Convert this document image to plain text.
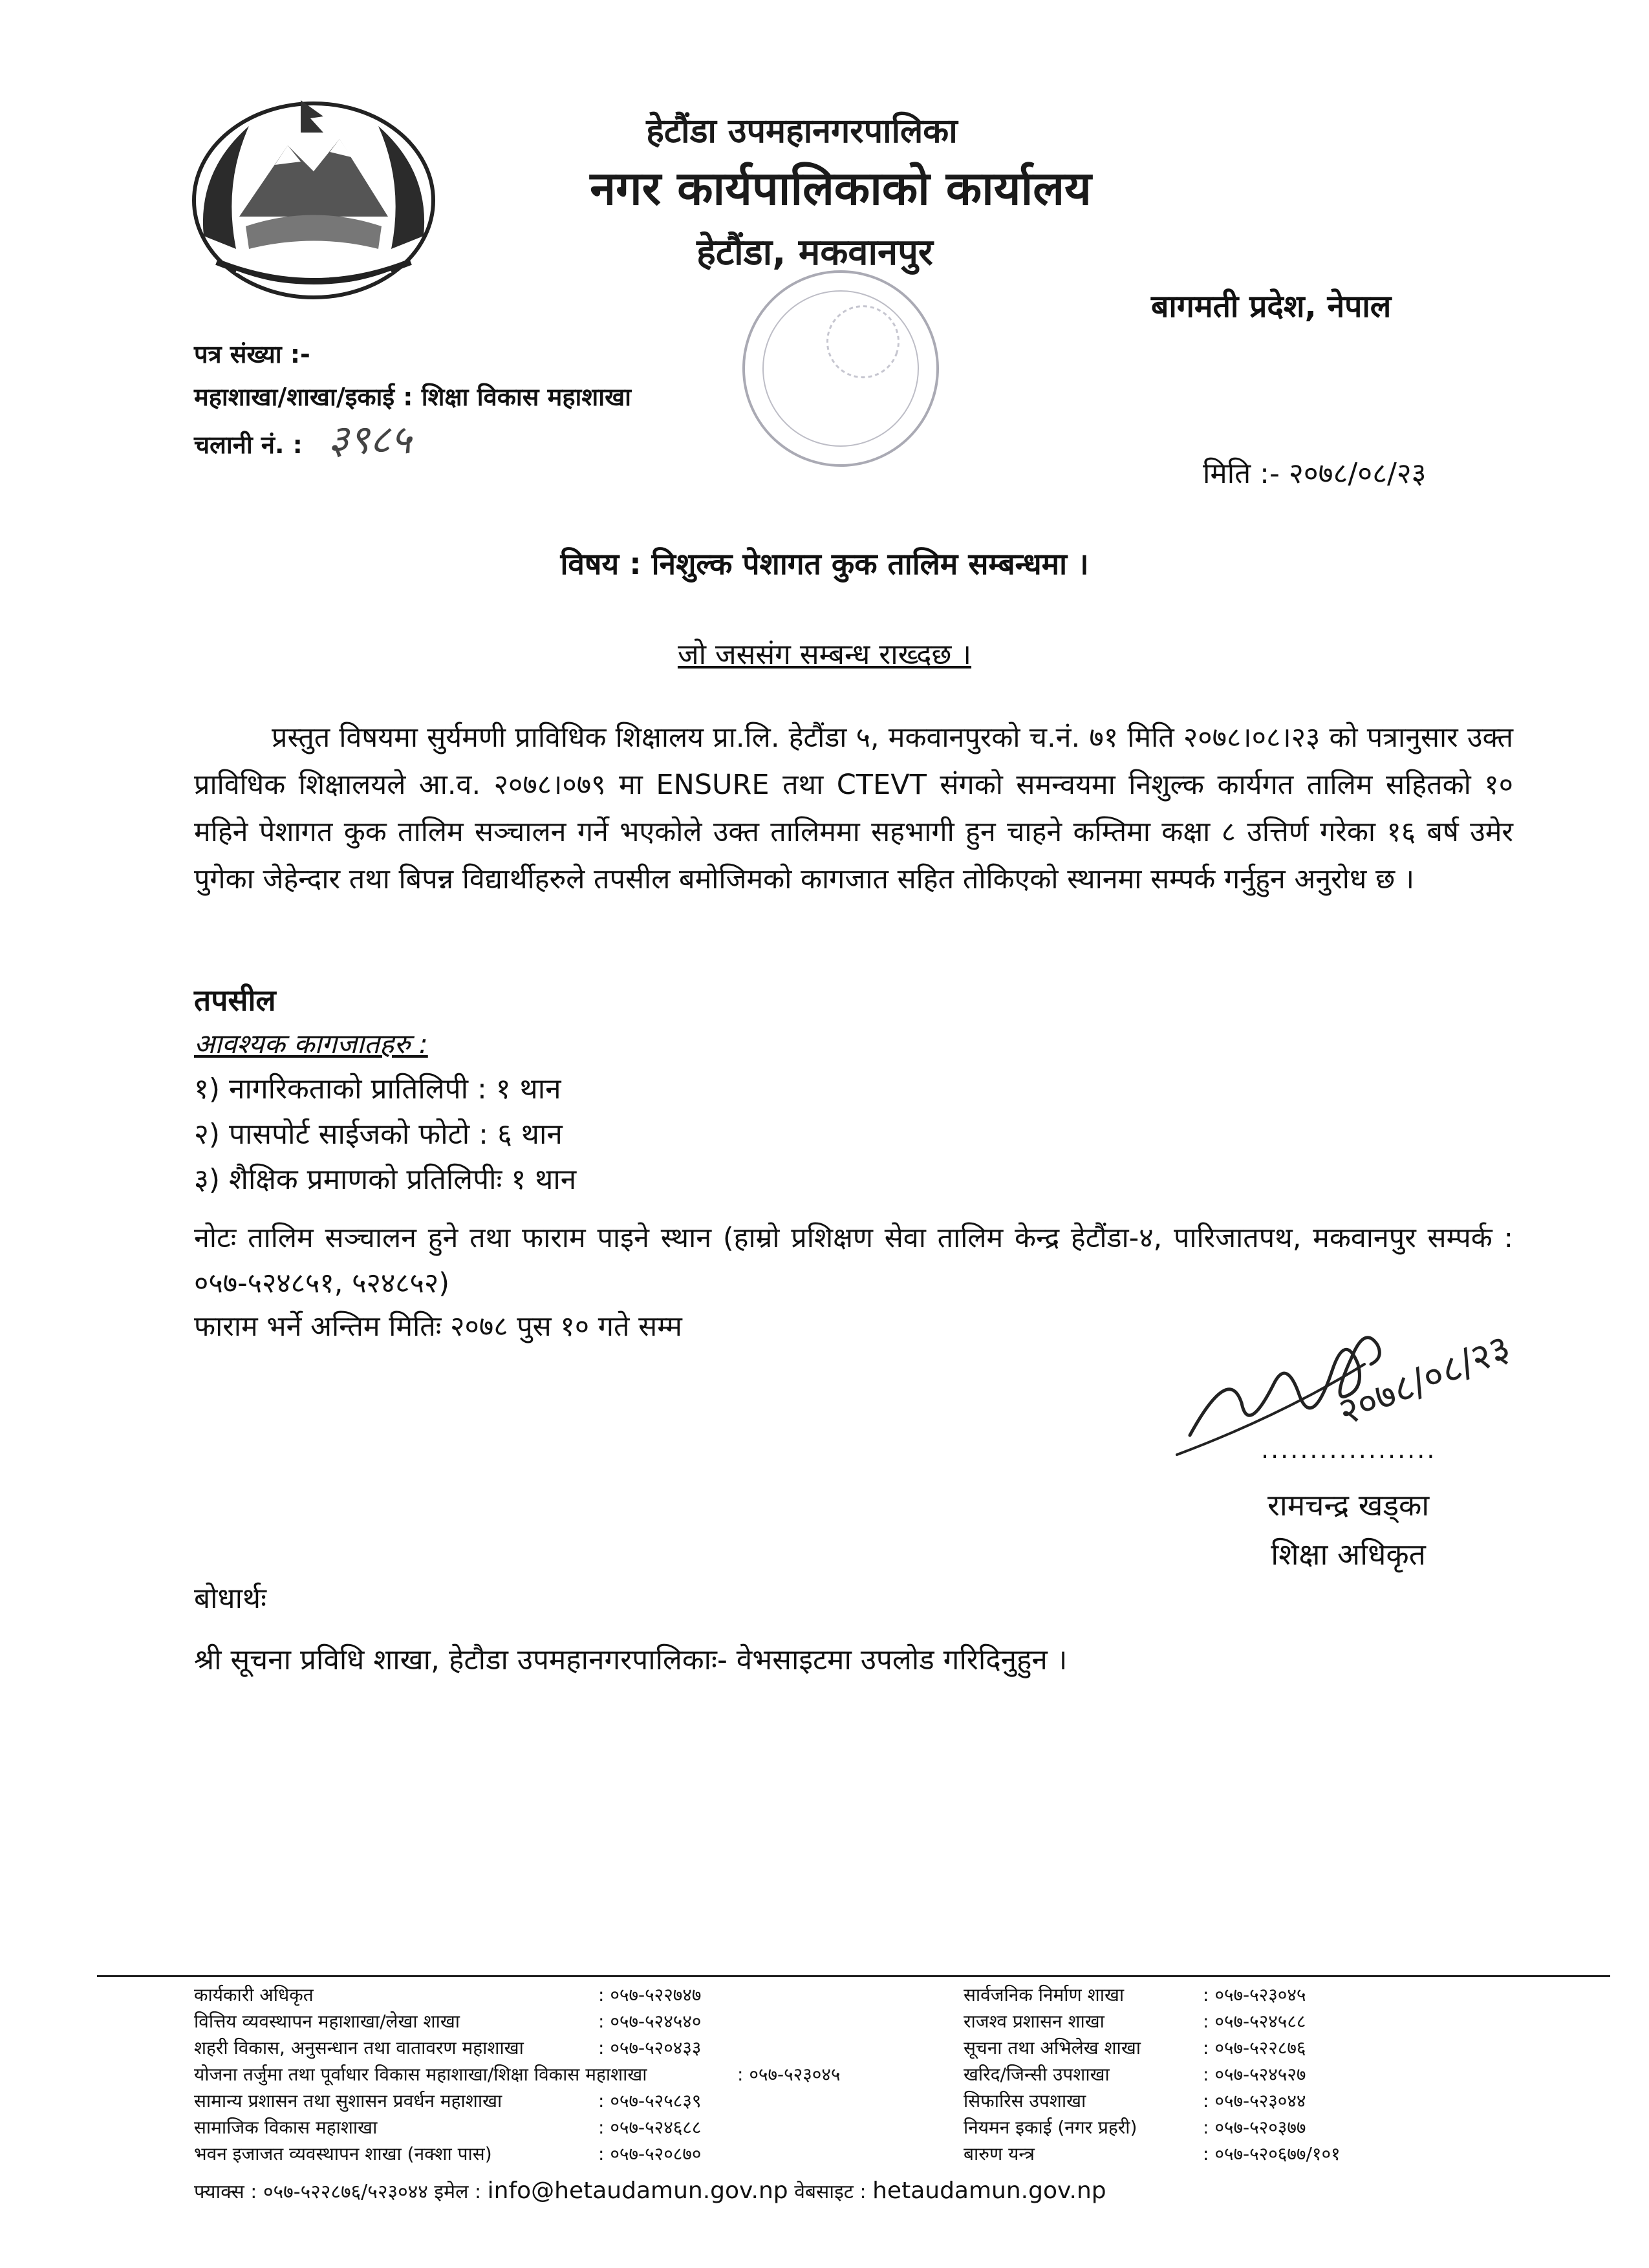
हेटौंडा उपमहानगरपालिका
नगर कार्यपालिकाको कार्यालय
हेटौंडा, मकवानपुर
बागमती प्रदेश, नेपाल
पत्र संख्या :-
महाशाखा/शाखा/इकाई : शिक्षा विकास महाशाखा
चलानी नं. : ३९८५
मिति :- २०७८/०८/२३
विषय : निशुल्क पेशागत कुक तालिम सम्बन्धमा ।
जो जससंग सम्बन्ध राख्दछ ।
प्रस्तुत विषयमा सुर्यमणी प्राविधिक शिक्षालय प्रा.लि. हेटौंडा ५, मकवानपुरको च.नं. ७१ मिति २०७८।०८।२३ को पत्रानुसार उक्त प्राविधिक शिक्षालयले आ.व. २०७८।०७९ मा ENSURE तथा CTEVT संगको समन्वयमा निशुल्क कार्यगत तालिम सहितको १० महिने पेशागत कुक तालिम सञ्चालन गर्ने भएकोले उक्त तालिममा सहभागी हुन चाहने कम्तिमा कक्षा ८ उत्तिर्ण गरेका १६ बर्ष उमेर पुगेका जेहेन्दार तथा बिपन्न विद्यार्थीहरुले तपसील बमोजिमको कागजात सहित तोकिएको स्थानमा सम्पर्क गर्नुहुन अनुरोध छ ।
तपसील
आवश्यक कागजातहरु :
१) नागरिकताको प्रातिलिपी : १ थान
२) पासपोर्ट साईजको फोटो : ६ थान
३) शैक्षिक प्रमाणको प्रतिलिपीः १ थान
नोटः तालिम सञ्चालन हुने तथा फाराम पाइने स्थान (हाम्रो प्रशिक्षण सेवा तालिम केन्द्र हेटौंडा-४, पारिजातपथ, मकवानपुर सम्पर्क : ०५७-५२४८५१, ५२४८५२)
फाराम भर्ने अन्तिम मितिः २०७८ पुस १० गते सम्म	२०७८/०८/२३
..................
रामचन्द्र खड्का
शिक्षा अधिकृत
बोधार्थः
श्री सूचना प्रविधि शाखा, हेटौडा उपमहानगरपालिकाः- वेभसाइटमा उपलोड गरिदिनुहुन ।
कार्यकारी अधिकृत	: ०५७-५२२७४७
वित्तिय व्यवस्थापन महाशाखा/लेखा शाखा	: ०५७-५२४५४०
शहरी विकास, अनुसन्धान तथा वातावरण महाशाखा	: ०५७-५२०४३३
योजना तर्जुमा तथा पूर्वाधार विकास महाशाखा/शिक्षा विकास महाशाखा	: ०५७-५२३०४५
सामान्य प्रशासन तथा सुशासन प्रवर्धन महाशाखा	: ०५७-५२५८३९
सामाजिक विकास महाशाखा	: ०५७-५२४६८८
भवन इजाजत व्यवस्थापन शाखा (नक्शा पास)	: ०५७-५२०८७०
सार्वजनिक निर्माण शाखा	: ०५७-५२३०४५
राजश्व प्रशासन शाखा	: ०५७-५२४५८८
सूचना तथा अभिलेख शाखा	: ०५७-५२२८७६
खरिद/जिन्सी उपशाखा	: ०५७-५२४५२७
सिफारिस उपशाखा	: ०५७-५२३०४४
नियमन इकाई (नगर प्रहरी)	: ०५७-५२०३७७
बारुण यन्त्र	: ०५७-५२०६७७/१०१
फ्याक्स : ०५७-५२२८७६/५२३०४४ इमेल : info@hetaudamun.gov.np वेबसाइट : hetaudamun.gov.np
